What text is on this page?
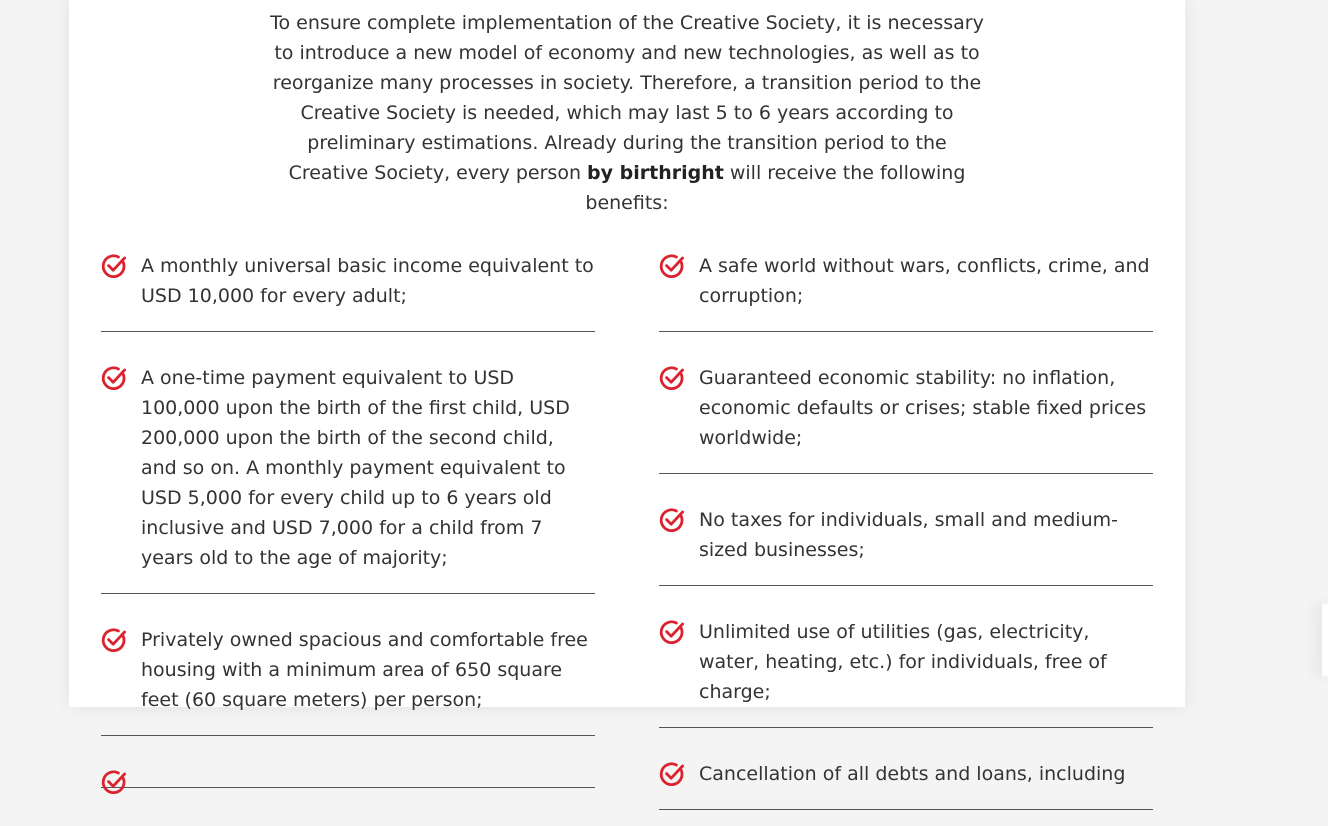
To ensure complete implementation of the Creative Society, it is necessary to introduce a new model of economy and new technologies, as well as to reorganize many processes in society. Therefore, a transition period to the Creative Society is needed, which may last 5 to 6 years according to preliminary estimations. Already during the transition period to the Creative Society, every person by birthright will receive the following benefits:

A monthly universal basic income equivalent to USD 10,000 for every adult;

A one-time payment equivalent to USD 100,000 upon the birth of the first child, USD 200,000 upon the birth of the second child, and so on. A monthly payment equivalent to USD 5,000 for every child up to 6 years old inclusive and USD 7,000 for a child from 7 years old to the age of majority;

Privately owned spacious and comfortable free housing with a minimum area of 650 square feet (60 square meters) per person;

A safe world without wars, conflicts, crime, and corruption;

Guaranteed economic stability: no inflation, economic defaults or crises; stable fixed prices worldwide;

No taxes for individuals, small and medium-sized businesses;

Unlimited use of utilities (gas, electricity, water, heating, etc.) for individuals, free of charge;

Cancellation of all debts and loans, including
